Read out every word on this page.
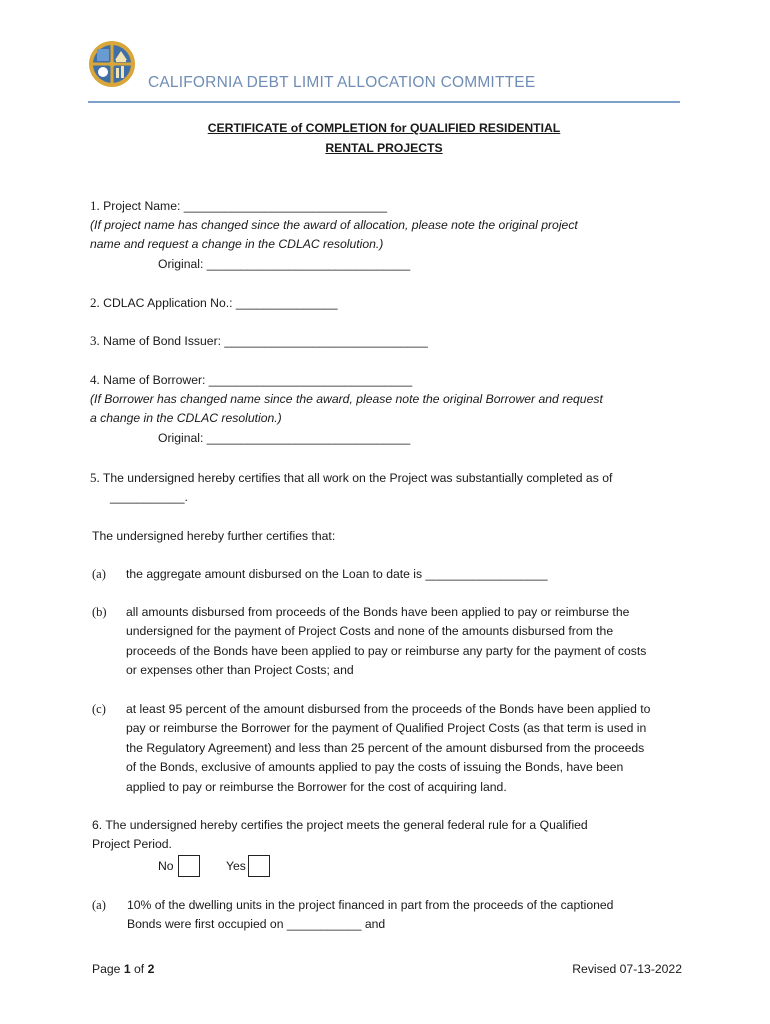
CALIFORNIA DEBT LIMIT ALLOCATION COMMITTEE
CERTIFICATE of COMPLETION for QUALIFIED RESIDENTIAL
RENTAL PROJECTS
1. Project Name: ______________________________
(If project name has changed since the award of allocation, please note the original project
name and request a change in the CDLAC resolution.)
Original: ______________________________
2. CDLAC Application No.: _______________
3. Name of Bond Issuer: ______________________________
4. Name of Borrower: ______________________________
(If Borrower has changed name since the award, please note the original Borrower and request
a change in the CDLAC resolution.)
Original: ______________________________
5. The undersigned hereby certifies that all work on the Project was substantially completed as of
___________.
The undersigned hereby further certifies that:
(a) the aggregate amount disbursed on the Loan to date is __________________
(b) all amounts disbursed from proceeds of the Bonds have been applied to pay or reimburse the
undersigned for the payment of Project Costs and none of the amounts disbursed from the
proceeds of the Bonds have been applied to pay or reimburse any party for the payment of costs
or expenses other than Project Costs; and
(c) at least 95 percent of the amount disbursed from the proceeds of the Bonds have been applied to
pay or reimburse the Borrower for the payment of Qualified Project Costs (as that term is used in
the Regulatory Agreement) and less than 25 percent of the amount disbursed from the proceeds
of the Bonds, exclusive of amounts applied to pay the costs of issuing the Bonds, have been
applied to pay or reimburse the Borrower for the cost of acquiring land.
6. The undersigned hereby certifies the project meets the general federal rule for a Qualified
Project Period.
No	Yes
(a) 10% of the dwelling units in the project financed in part from the proceeds of the captioned
Bonds were first occupied on ___________ and
Page 1 of 2	Revised 07-13-2022
